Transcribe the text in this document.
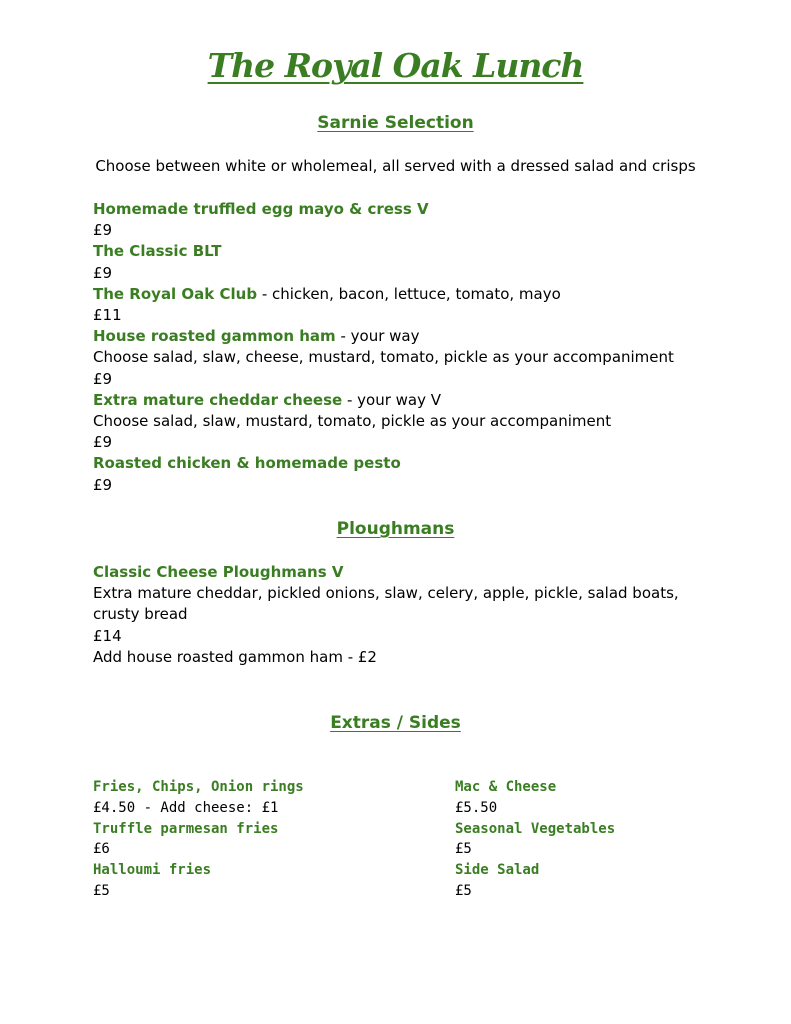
The Royal Oak Lunch
Sarnie Selection
Choose between white or wholemeal, all served with a dressed salad and crisps
Homemade truffled egg mayo & cress V
£9
The Classic BLT
£9
The Royal Oak Club - chicken, bacon, lettuce, tomato, mayo
£11
House roasted gammon ham - your way
Choose salad, slaw, cheese, mustard, tomato, pickle as your accompaniment
£9
Extra mature cheddar cheese - your way V
Choose salad, slaw, mustard, tomato, pickle as your accompaniment
£9
Roasted chicken & homemade pesto
£9
Ploughmans
Classic Cheese Ploughmans V
Extra mature cheddar, pickled onions, slaw, celery, apple, pickle, salad boats, crusty bread
£14
Add house roasted gammon ham - £2
Extras / Sides
Fries, Chips, Onion rings
£4.50 - Add cheese: £1
Truffle parmesan fries
£6
Halloumi fries
£5
Mac & Cheese
£5.50
Seasonal Vegetables
£5
Side Salad
£5
